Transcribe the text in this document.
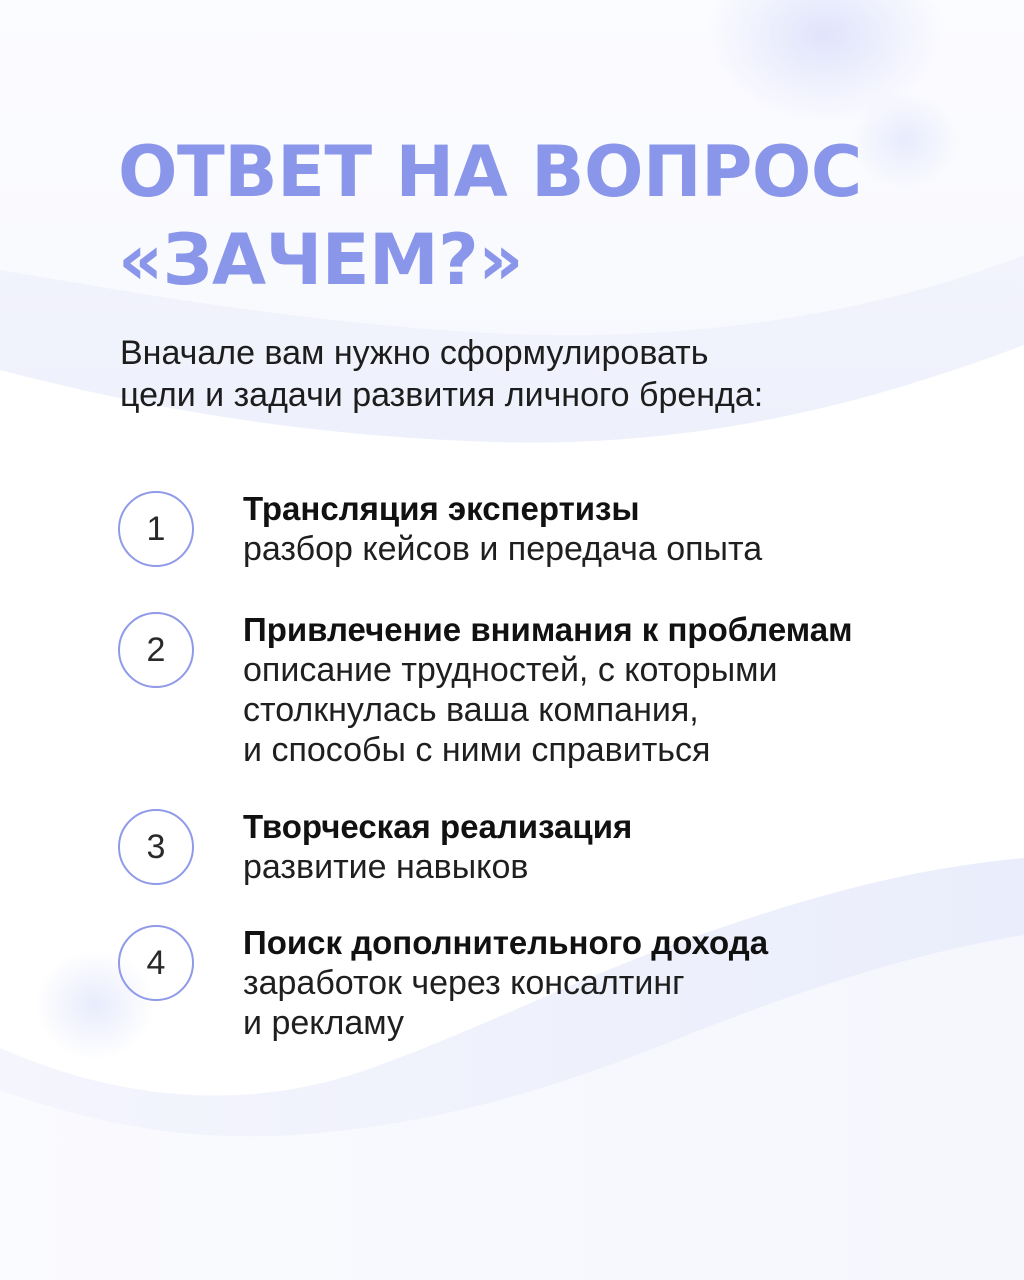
ОТВЕТ НА ВОПРОС
«ЗАЧЕМ?»

Вначале вам нужно сформулировать
цели и задачи развития личного бренда:

1
Трансляция экспертизы
разбор кейсов и передача опыта
2
Привлечение внимания к проблемам
описание трудностей, с которыми
столкнулась ваша компания,
и способы с ними справиться
3
Творческая реализация
развитие навыков
4
Поиск дополнительного дохода
заработок через консалтинг
и рекламу
